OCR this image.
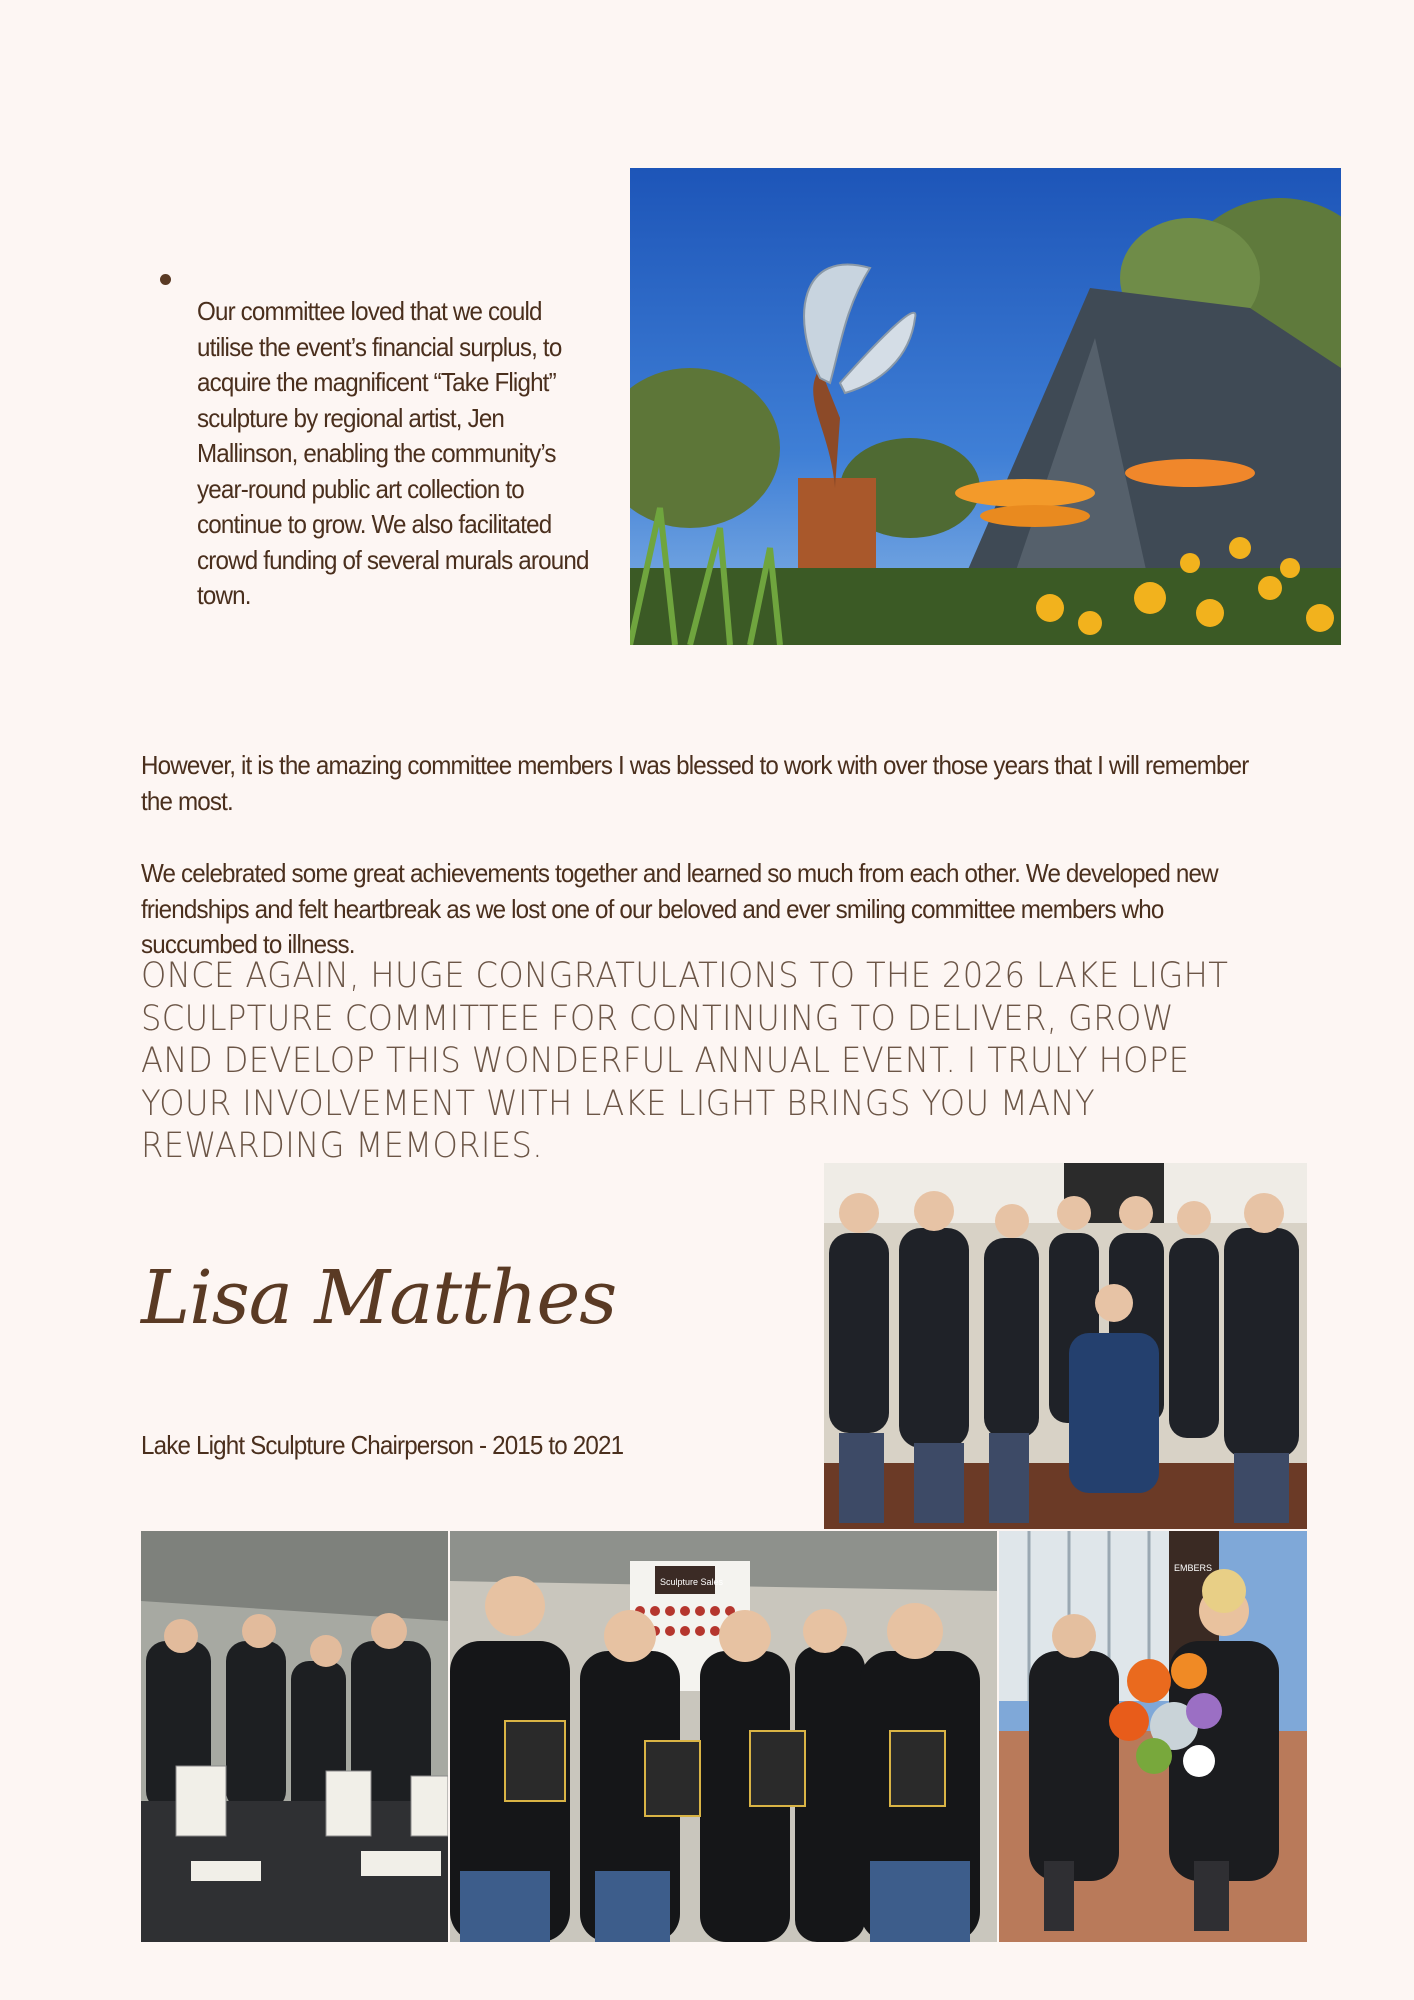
Our committee loved that we could utilise the event’s financial surplus, to acquire the magnificent “Take Flight” sculpture by regional artist, Jen Mallinson, enabling the community’s year-round public art collection to continue to grow. We also facilitated crowd funding of several murals around town.
However, it is the amazing committee members I was blessed to work with over those years that I will remember the most.
We celebrated some great achievements together and learned so much from each other. We developed new friendships and felt heartbreak as we lost one of our beloved and ever smiling committee members who succumbed to illness.
ONCE AGAIN, HUGE CONGRATULATIONS TO THE 2026 LAKE LIGHT SCULPTURE COMMITTEE FOR CONTINUING TO DELIVER, GROW AND DEVELOP THIS WONDERFUL ANNUAL EVENT. I TRULY HOPE YOUR INVOLVEMENT WITH LAKE LIGHT BRINGS YOU MANY REWARDING MEMORIES.
Lisa Matthes
Lake Light Sculpture Chairperson - 2015 to 2021
Sculpture Sales
EMBERS
